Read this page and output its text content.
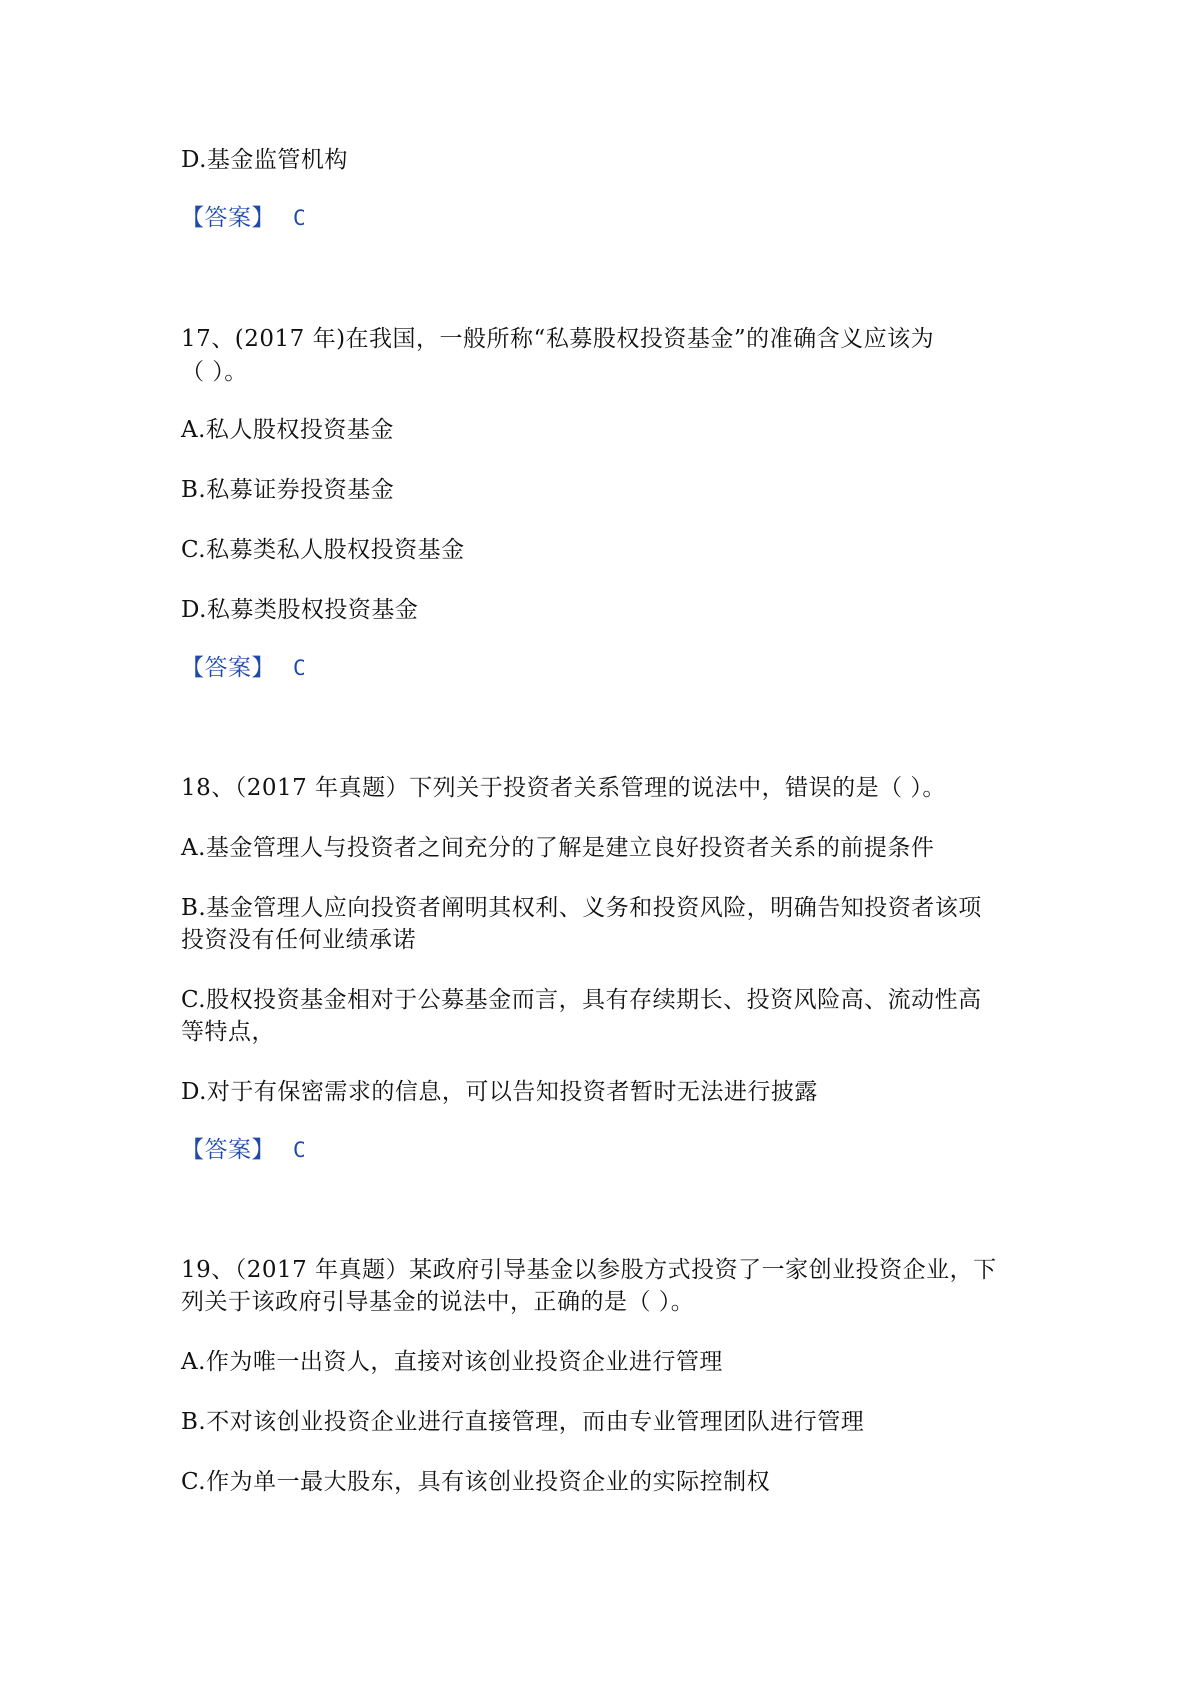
D.基金监管机构
【答案】 C
17、(2017 年)在我国，一般所称“私募股权投资基金”的准确含义应该为
（ ）。
A.私人股权投资基金
B.私募证券投资基金
C.私募类私人股权投资基金
D.私募类股权投资基金
【答案】 C
18、（2017 年真题）下列关于投资者关系管理的说法中，错误的是（ ）。
A.基金管理人与投资者之间充分的了解是建立良好投资者关系的前提条件
B.基金管理人应向投资者阐明其权利、义务和投资风险，明确告知投资者该项
投资没有任何业绩承诺
C.股权投资基金相对于公募基金而言，具有存续期长、投资风险高、流动性高
等特点，
D.对于有保密需求的信息，可以告知投资者暂时无法进行披露
【答案】 C
19、（2017 年真题）某政府引导基金以参股方式投资了一家创业投资企业，下
列关于该政府引导基金的说法中，正确的是（ ）。
A.作为唯一出资人，直接对该创业投资企业进行管理
B.不对该创业投资企业进行直接管理，而由专业管理团队进行管理
C.作为单一最大股东，具有该创业投资企业的实际控制权
